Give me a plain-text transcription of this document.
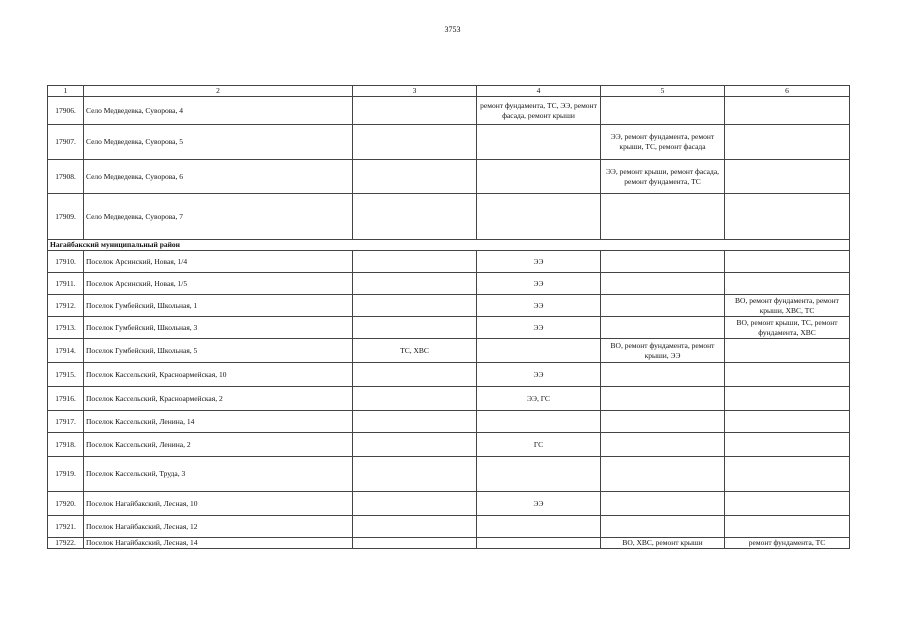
3753
1	2	3	4	5	6
17906.	Село Медведевка, Суворова, 4		ремонт фундамента, ТС, ЭЭ, ремонт фасада, ремонт крыши		
17907.	Село Медведевка, Суворова, 5			ЭЭ, ремонт фундамента, ремонт крыши, ТС, ремонт фасада	
17908.	Село Медведевка, Суворова, 6			ЭЭ, ремонт крыши, ремонт фасада, ремонт фундамента, ТС	
17909.	Село Медведевка, Суворова, 7				
Нагайбакский муниципальный район					
17910.	Поселок Арсинский, Новая, 1/4		ЭЭ		
17911.	Поселок Арсинский, Новая, 1/5		ЭЭ		
17912.	Поселок Гумбейский, Школьная, 1		ЭЭ		ВО, ремонт фундамента, ремонт крыши, ХВС, ТС
17913.	Поселок Гумбейский, Школьная, 3		ЭЭ		ВО, ремонт крыши, ТС, ремонт фундамента, ХВС
17914.	Поселок Гумбейский, Школьная, 5	ТС, ХВС		ВО, ремонт фундамента, ремонт крыши, ЭЭ	
17915.	Поселок Кассельский, Красноармейская, 10		ЭЭ		
17916.	Поселок Кассельский, Красноармейская, 2		ЭЭ, ГС		
17917.	Поселок Кассельский, Ленина, 14				
17918.	Поселок Кассельский, Ленина, 2		ГС		
17919.	Поселок Кассельский, Труда, 3				
17920.	Поселок Нагайбакский, Лесная, 10		ЭЭ		
17921.	Поселок Нагайбакский, Лесная, 12				
17922.	Поселок Нагайбакский, Лесная, 14			ВО, ХВС, ремонт крыши	ремонт фундамента, ТС
